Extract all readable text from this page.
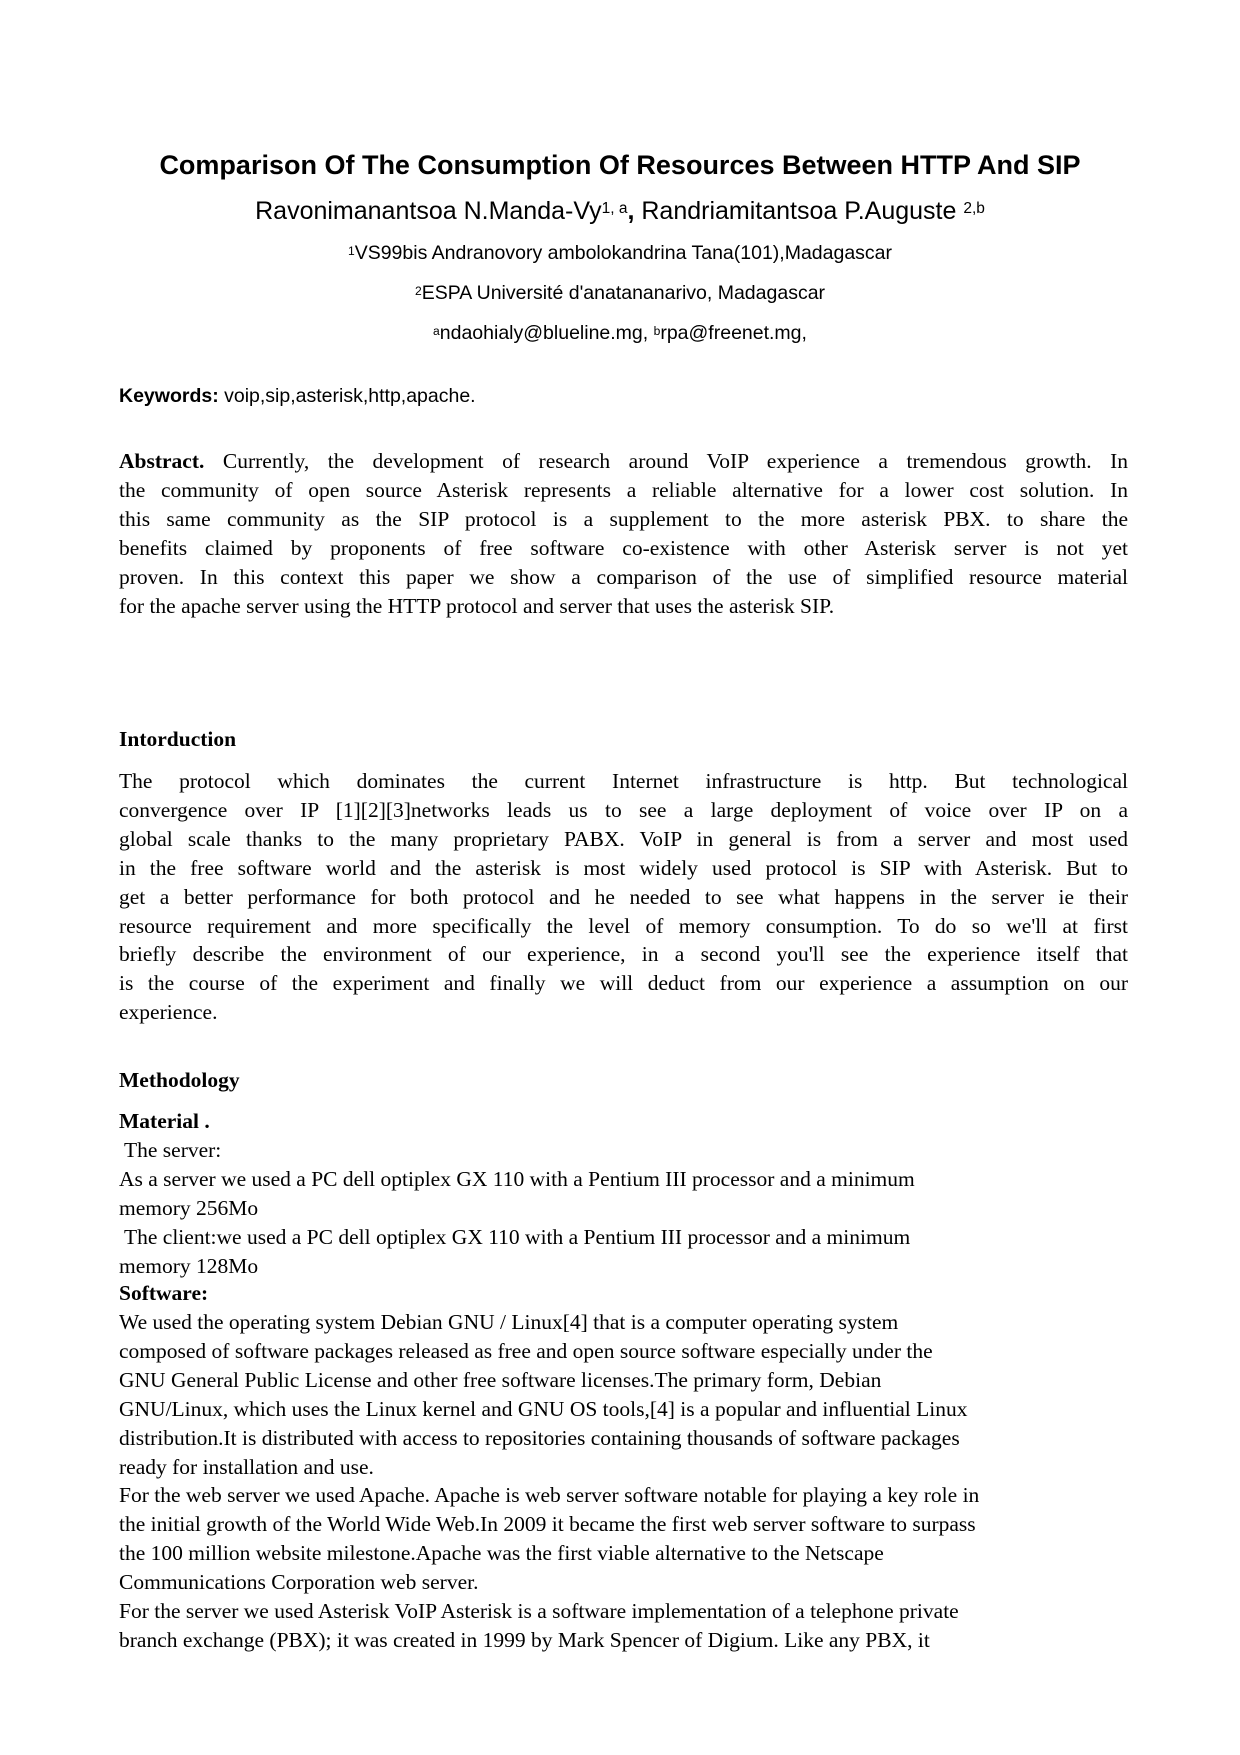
Comparison Of The Consumption Of Resources Between HTTP And SIP
Ravonimanantsoa N.Manda-Vy$^{1, a}$, Randriamitantsoa P.Auguste $^{2,b}$
$^1$VS99bis Andranovory ambolokandrina Tana(101),Madagascar
$^2$ESPA Université d'anatananarivo, Madagascar
$^a$ndaohialy@blueline.mg, $^b$rpa@freenet.mg,
Keywords: voip,sip,asterisk,http,apache.
Abstract. Currently, the development of research around VoIP experience a tremendous growth. In
the community of open source Asterisk represents a reliable alternative for a lower cost solution. In
this same community as the SIP protocol is a supplement to the more asterisk PBX. to share the
benefits claimed by proponents of free software co-existence with other Asterisk server is not yet
proven. In this context this paper we show a comparison of the use of simplified resource material
for the apache server using the HTTP protocol and server that uses the asterisk SIP.
Intorduction
The protocol which dominates the current Internet infrastructure is http. But technological
convergence over IP [1][2][3]networks leads us to see a large deployment of voice over IP on a
global scale thanks to the many proprietary PABX. VoIP in general is from a server and most used
in the free software world and the asterisk is most widely used protocol is SIP with Asterisk. But to
get a better performance for both protocol and he needed to see what happens in the server ie their
resource requirement and more specifically the level of memory consumption. To do so we'll at first
briefly describe the environment of our experience, in a second you'll see the experience itself that
is the course of the experiment and finally we will deduct from our experience a assumption on our
experience.
Methodology
Material .
The server:
As a server we used a PC dell optiplex GX 110 with a Pentium III processor and a minimum
memory 256Mo
The client:we used a PC dell optiplex GX 110 with a Pentium III processor and a minimum
memory 128Mo
Software:
We used the operating system Debian GNU / Linux[4] that is a computer operating system
composed of software packages released as free and open source software especially under the
GNU General Public License and other free software licenses.The primary form, Debian
GNU/Linux, which uses the Linux kernel and GNU OS tools,[4] is a popular and influential Linux
distribution.It is distributed with access to repositories containing thousands of software packages
ready for installation and use.
For the web server we used Apache. Apache is web server software notable for playing a key role in
the initial growth of the World Wide Web.In 2009 it became the first web server software to surpass
the 100 million website milestone.Apache was the first viable alternative to the Netscape
Communications Corporation web server.
For the server we used Asterisk VoIP Asterisk is a software implementation of a telephone private
branch exchange (PBX); it was created in 1999 by Mark Spencer of Digium. Like any PBX, it
